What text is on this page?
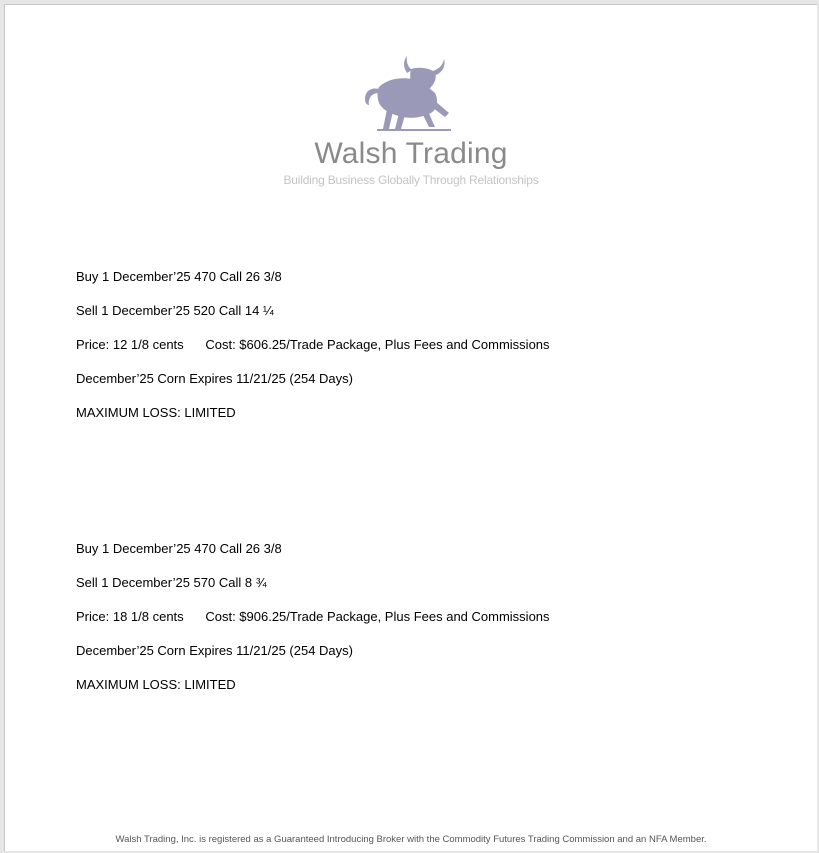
Walsh Trading
Building Business Globally Through Relationships
Buy 1 December’25 470 Call 26 3/8
Sell 1 December’25 520 Call 14 ¼
Price: 12 1/8 cents      Cost: $606.25/Trade Package, Plus Fees and Commissions
December’25 Corn Expires 11/21/25 (254 Days)
MAXIMUM LOSS: LIMITED
Buy 1 December’25 470 Call 26 3/8
Sell 1 December’25 570 Call 8 ¾
Price: 18 1/8 cents      Cost: $906.25/Trade Package, Plus Fees and Commissions
December’25 Corn Expires 11/21/25 (254 Days)
MAXIMUM LOSS: LIMITED
Walsh Trading, Inc. is registered as a Guaranteed Introducing Broker with the Commodity Futures Trading Commission and an NFA Member.
